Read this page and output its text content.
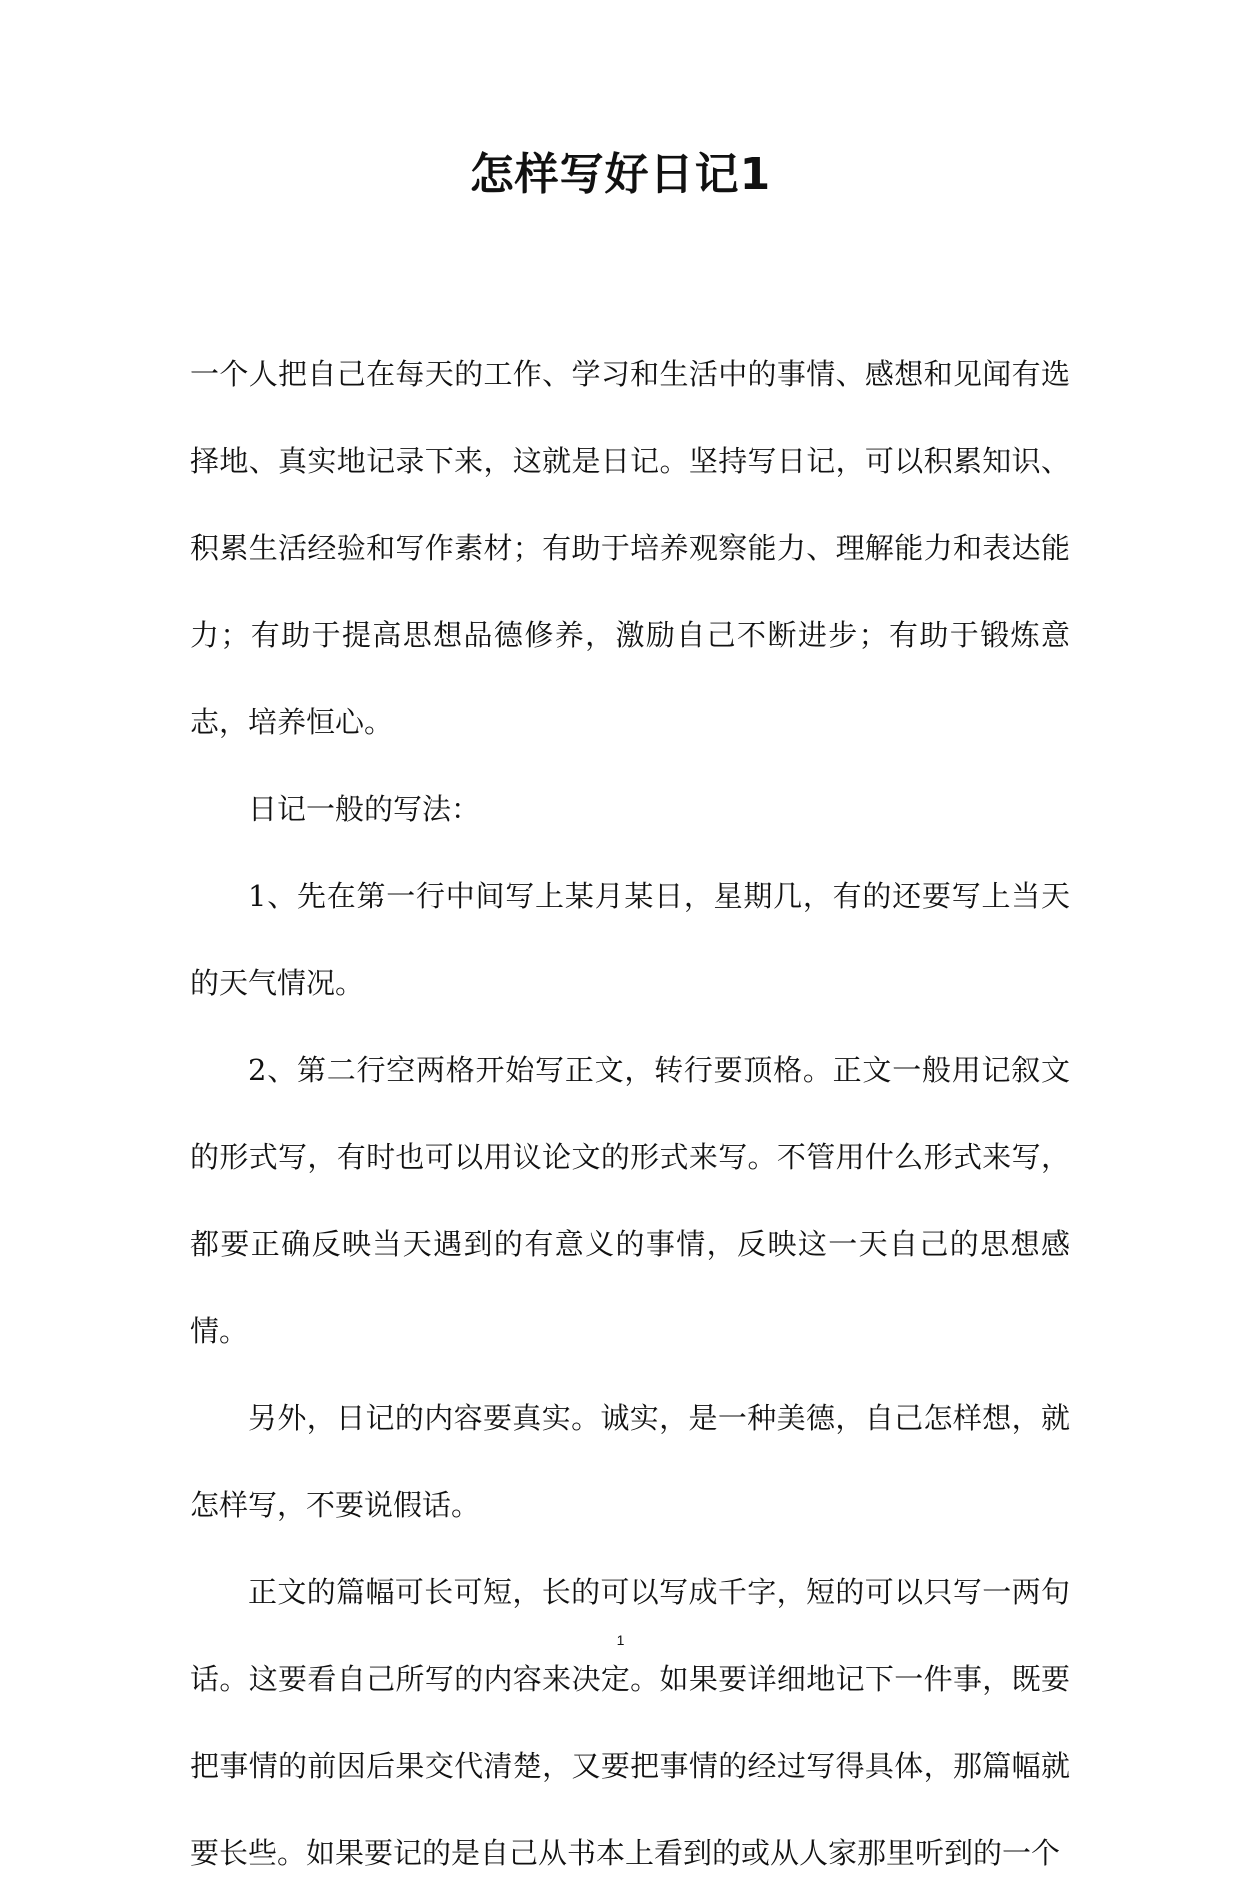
怎样写好日记1

一个人把自己在每天的工作、学习和生活中的事情、感想和见闻有选择地、真实地记录下来，这就是日记。坚持写日记，可以积累知识、积累生活经验和写作素材；有助于培养观察能力、理解能力和表达能力；有助于提高思想品德修养，激励自己不断进步；有助于锻炼意志，培养恒心。

日记一般的写法：

1、先在第一行中间写上某月某日，星期几，有的还要写上当天的天气情况。

2、第二行空两格开始写正文，转行要顶格。正文一般用记叙文的形式写，有时也可以用议论文的形式来写。不管用什么形式来写，都要正确反映当天遇到的有意义的事情，反映这一天自己的思想感情。

另外，日记的内容要真实。诚实，是一种美德，自己怎样想，就怎样写，不要说假话。

正文的篇幅可长可短，长的可以写成千字，短的可以只写一两句话。这要看自己所写的内容来决定。如果要详细地记下一件事，既要把事情的前因后果交代清楚，又要把事情的经过写得具体，那篇幅就要长些。如果要记的是自己从书本上看到的或从人家那里听到的一个

1
